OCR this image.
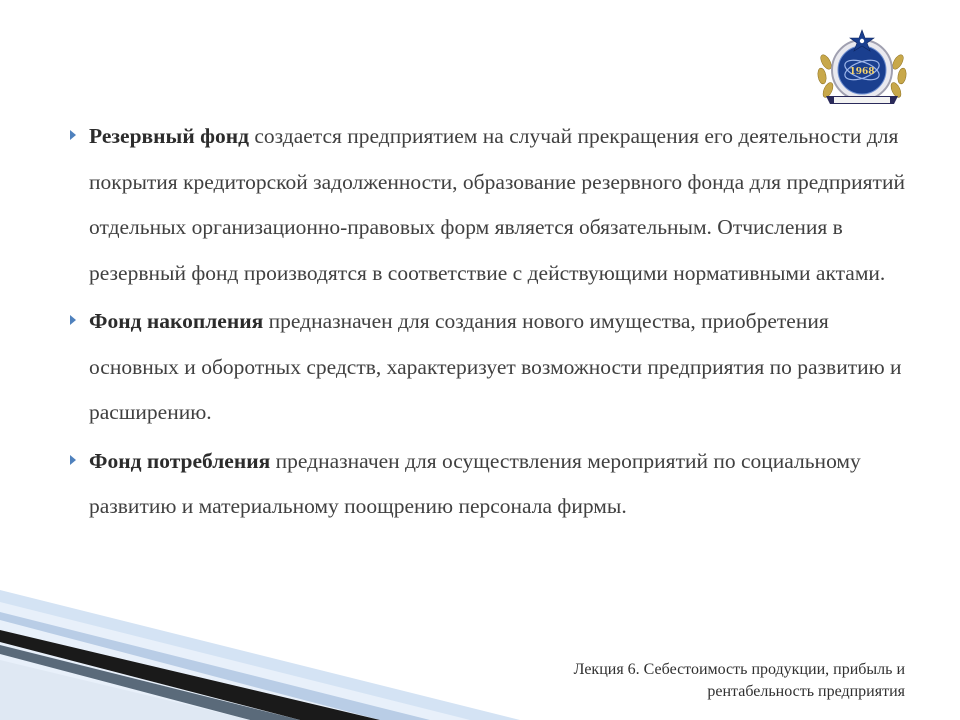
1968
Резервный фонд создается предприятием на случай прекращения его деятельности для покрытия кредиторской задолженности, образование резервного фонда для предприятий отдельных организационно-правовых форм является обязательным. Отчисления в резервный фонд производятся в соответствие с действующими нормативными актами.
Фонд накопления предназначен для создания нового имущества, приобретения основных и оборотных средств, характеризует возможности предприятия по развитию и расширению.
Фонд потребления предназначен для осуществления мероприятий по социальному развитию и материальному поощрению персонала фирмы.
Лекция 6. Себестоимость продукции, прибыль и
рентабельность предприятия
